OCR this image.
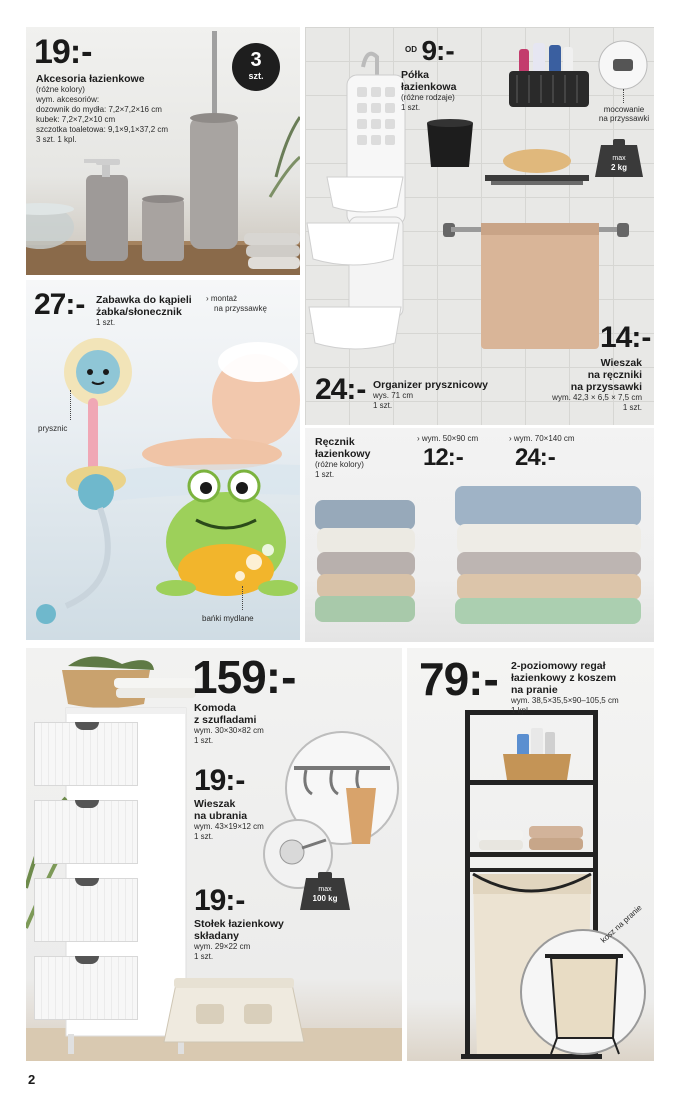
19:-	3
szt.
Akcesoria łazienkowe
(różne kolory)
wym. akcesoriów:
dozownik do mydła: 7,2×7,2×16 cm
kubek: 7,2×7,2×10 cm
szczotka toaletowa: 9,1×9,1×37,2 cm
3 szt. 1 kpl.
$^{OD}$ 9:-
Półka
łazienkowa
(różne rodzaje)
1 szt.	mocowanie
na przyssawki
max
2 kg
14:-
Wieszak
na ręczniki
na przyssawki
wym. 42,3 × 6,5 × 7,5 cm
1 szt.
24:- Organizer prysznicowy
wys. 71 cm
1 szt.
27:- Zabawka do kąpieli
żabka/słonecznik
1 szt.
› montaż
na przyssawkę
prysznic
bańki mydlane
Ręcznik
łazienkowy
(różne kolory)
1 szt.
› wym. 50×90 cm
12:-
› wym. 70×140 cm
24:-
159:-
Komoda
z szufladami
wym. 30×30×82 cm
1 szt.
19:-
Wieszak
na ubrania
wym. 43×19×12 cm
1 szt.
19:-
Stołek łazienkowy
składany
wym. 29×22 cm
1 szt.
max
100 kg
79:- 2-poziomowy regał
łazienkowy z koszem
na pranie
wym. 38,5×35,5×90–105,5 cm
1 kpl.
kosz na pranie
2
